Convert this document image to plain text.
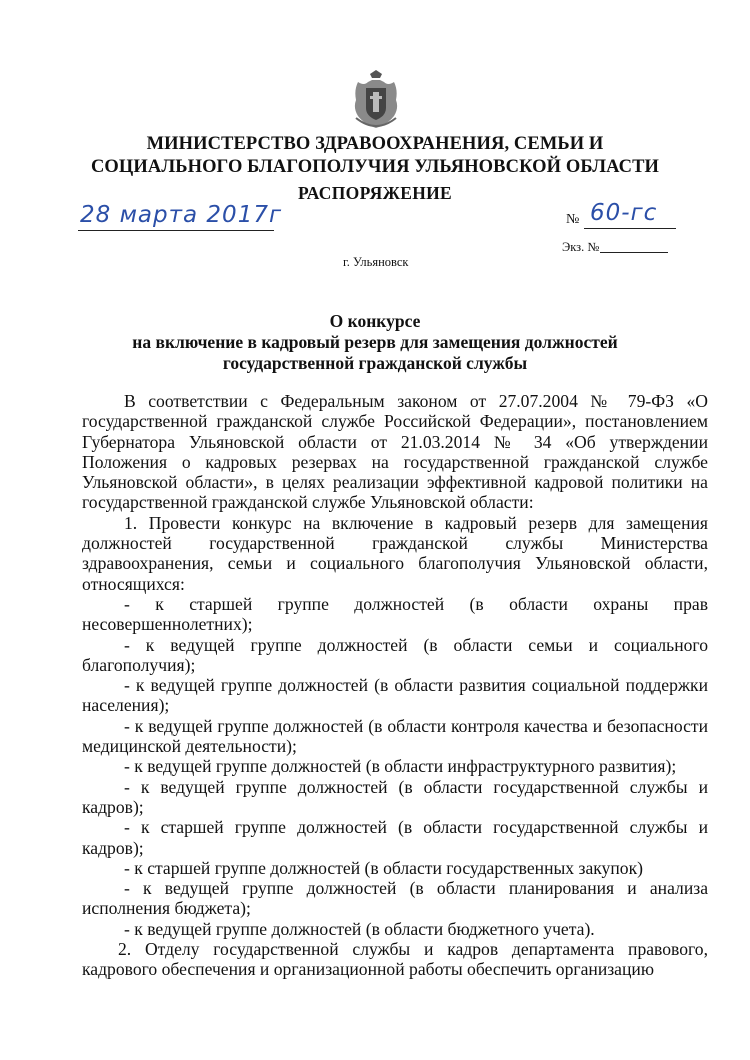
МИНИСТЕРСТВО ЗДРАВООХРАНЕНИЯ, СЕМЬИ И
СОЦИАЛЬНОГО БЛАГОПОЛУЧИЯ УЛЬЯНОВСКОЙ ОБЛАСТИ
РАСПОРЯЖЕНИЕ
28 марта 2017г	№ 60-гс
Экз. №
г. Ульяновск
О конкурсе
на включение в кадровый резерв для замещения должностей
государственной гражданской службы

В соответствии с Федеральным законом от 27.07.2004 № 79-ФЗ «О государственной гражданской службе Российской Федерации», постановлением Губернатора Ульяновской области от 21.03.2014 № 34 «Об утверждении Положения о кадровых резервах на государственной гражданской службе Ульяновской области», в целях реализации эффективной кадровой политики на государственной гражданской службе Ульяновской области:

1. Провести конкурс на включение в кадровый резерв для замещения должностей государственной гражданской службы Министерства здравоохранения, семьи и социального благополучия Ульяновской области, относящихся:

- к старшей группе должностей (в области охраны прав несовершеннолетних);

- к ведущей группе должностей (в области семьи и социального благополучия);

- к ведущей группе должностей (в области развития социальной поддержки населения);

- к ведущей группе должностей (в области контроля качества и безопасности медицинской деятельности);

- к ведущей группе должностей (в области инфраструктурного развития);

- к ведущей группе должностей (в области государственной службы и кадров);

- к старшей группе должностей (в области государственной службы и кадров);

- к старшей группе должностей (в области государственных закупок)

- к ведущей группе должностей (в области планирования и анализа исполнения бюджета);

- к ведущей группе должностей (в области бюджетного учета).

2. Отделу государственной службы и кадров департамента правового, кадрового обеспечения и организационной работы обеспечить организацию
